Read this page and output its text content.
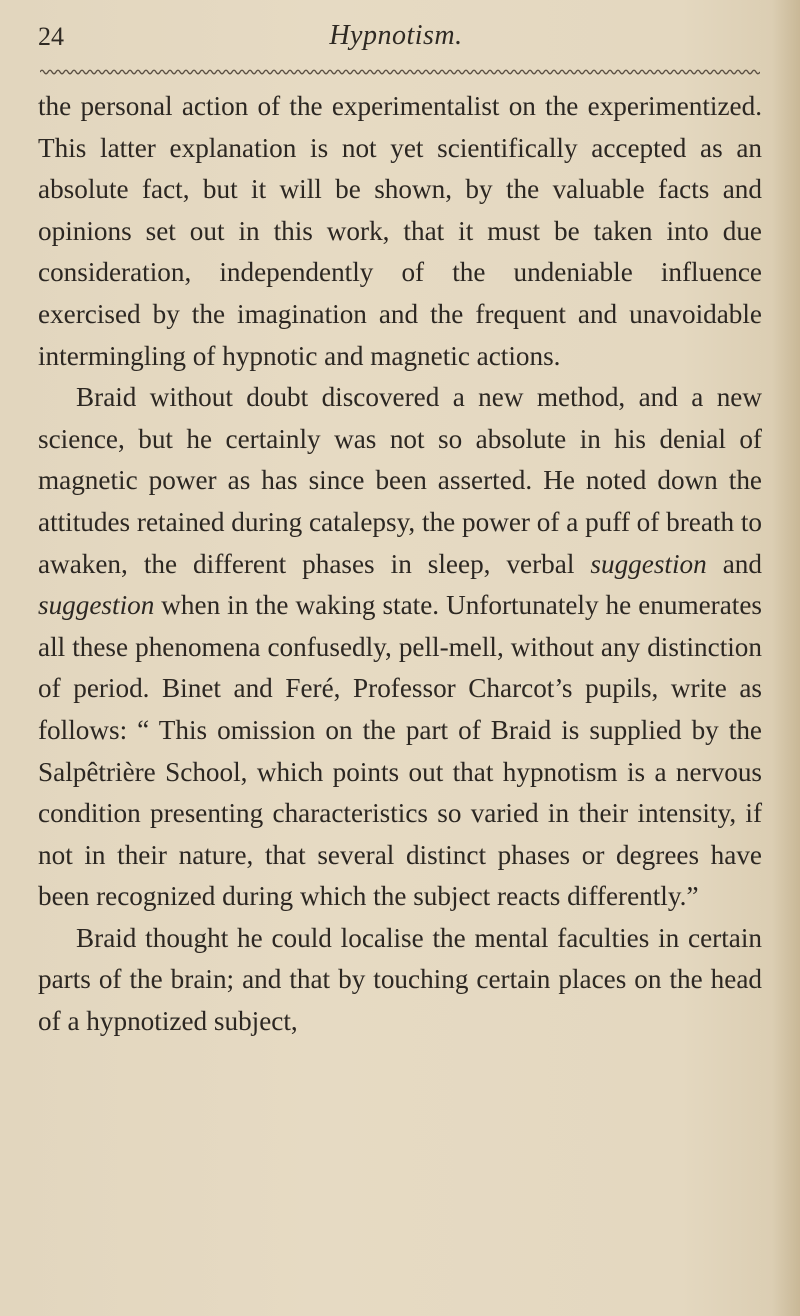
24	Hypnotism.

the personal action of the experimentalist on the experimentized. This latter explanation is not yet scientifically accepted as an absolute fact, but it will be shown, by the valuable facts and opinions set out in this work, that it must be taken into due consideration, independently of the undeniable influence exercised by the imagination and the frequent and unavoidable intermingling of hypnotic and magnetic actions.

Braid without doubt discovered a new method, and a new science, but he certainly was not so absolute in his denial of magnetic power as has since been asserted. He noted down the attitudes retained during catalepsy, the power of a puff of breath to awaken, the different phases in sleep, verbal suggestion and suggestion when in the waking state. Unfortunately he enumerates all these phenomena confusedly, pell-mell, without any distinction of period. Binet and Feré, Professor Charcot’s pupils, write as follows: “ This omission on the part of Braid is supplied by the Salpêtrière School, which points out that hypnotism is a nervous condition presenting characteristics so varied in their intensity, if not in their nature, that several distinct phases or degrees have been recognized during which the subject reacts differently.”

Braid thought he could localise the mental faculties in certain parts of the brain; and that by touching certain places on the head of a hypnotized subject,
